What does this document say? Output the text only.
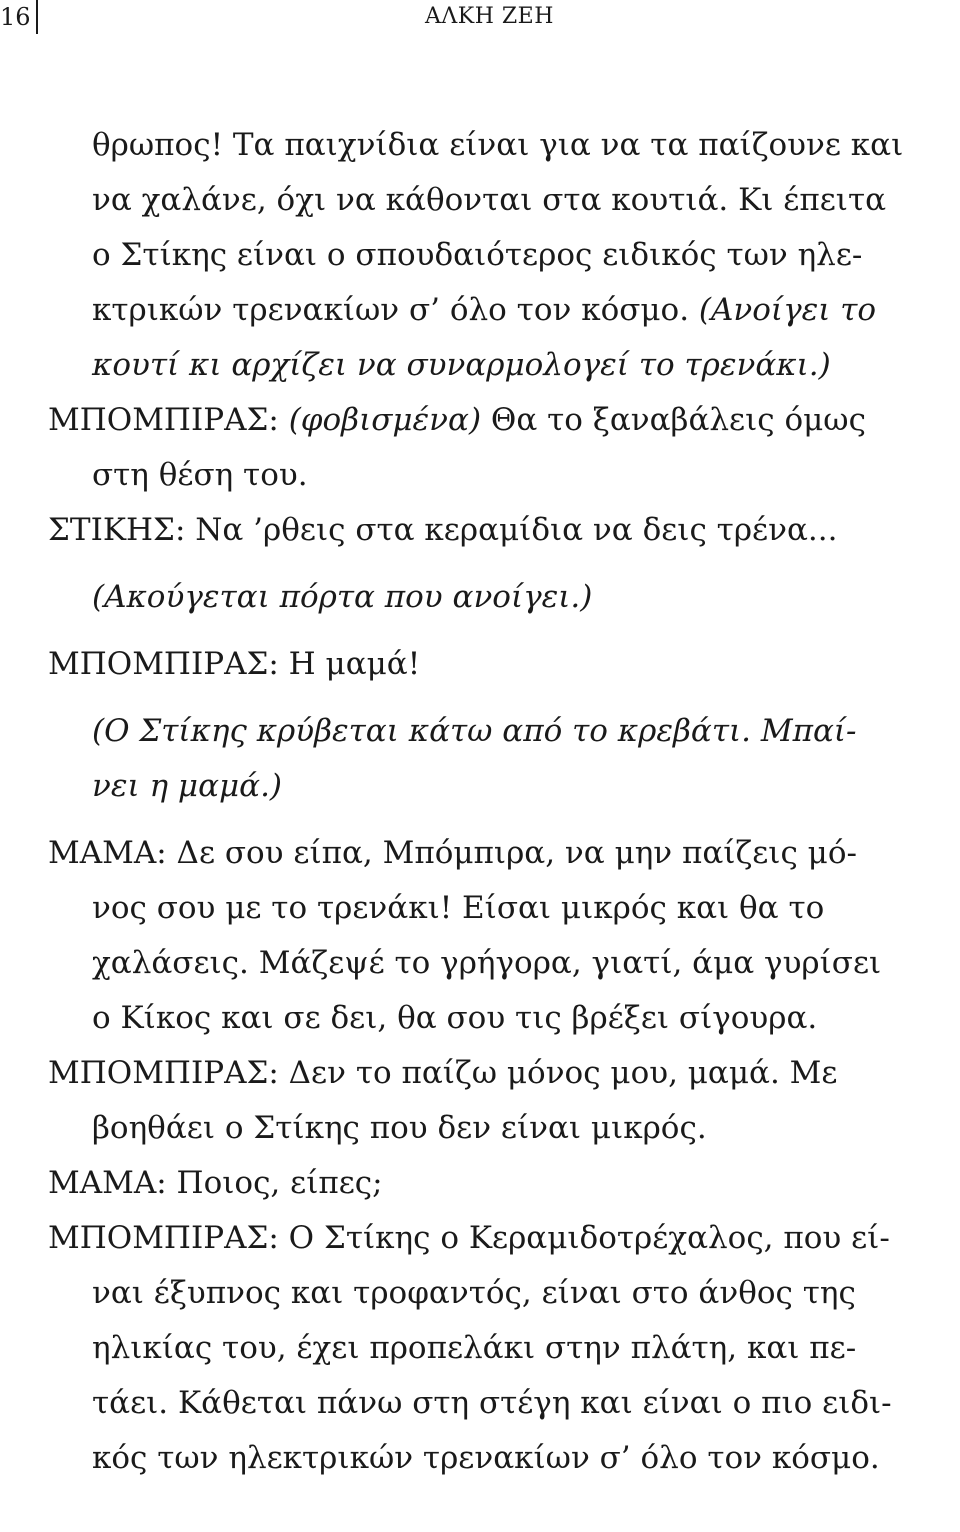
16	ΑΛΚΗ ΖΕΗ
θρωπος! Τα παιχνίδια είναι για να τα παίζουνε και
να χαλάνε, όχι να κάθονται στα κουτιά. Κι έπειτα
ο Στίκης είναι ο σπουδαιότερος ειδικός των ηλε-
κτρικών τρενακίων σ’ όλο τον κόσμο. (Ανοίγει το
κουτί κι αρχίζει να συναρμολογεί το τρενάκι.)
ΜΠΟΜΠΙΡΑΣ: (φοβισμένα) Θα το ξαναβάλεις όμως
στη θέση του.
ΣΤΙΚΗΣ: Να ’ρθεις στα κεραμίδια να δεις τρένα...
(Ακούγεται πόρτα που ανοίγει.)
ΜΠΟΜΠΙΡΑΣ: Η μαμά!
(Ο Στίκης κρύβεται κάτω από το κρεβάτι. Μπαί-
νει η μαμά.)
ΜΑΜΑ: Δε σου είπα, Μπόμπιρα, να μην παίζεις μό-
νος σου με το τρενάκι! Είσαι μικρός και θα το
χαλάσεις. Μάζεψέ το γρήγορα, γιατί, άμα γυρίσει
ο Κίκος και σε δει, θα σου τις βρέξει σίγουρα.
ΜΠΟΜΠΙΡΑΣ: Δεν το παίζω μόνος μου, μαμά. Με
βοηθάει ο Στίκης που δεν είναι μικρός.
ΜΑΜΑ: Ποιος, είπες;
ΜΠΟΜΠΙΡΑΣ: Ο Στίκης ο Κεραμιδοτρέχαλος, που εί-
ναι έξυπνος και τροφαντός, είναι στο άνθος της
ηλικίας του, έχει προπελάκι στην πλάτη, και πε-
τάει. Κάθεται πάνω στη στέγη και είναι ο πιο ειδι-
κός των ηλεκτρικών τρενακίων σ’ όλο τον κόσμο.
